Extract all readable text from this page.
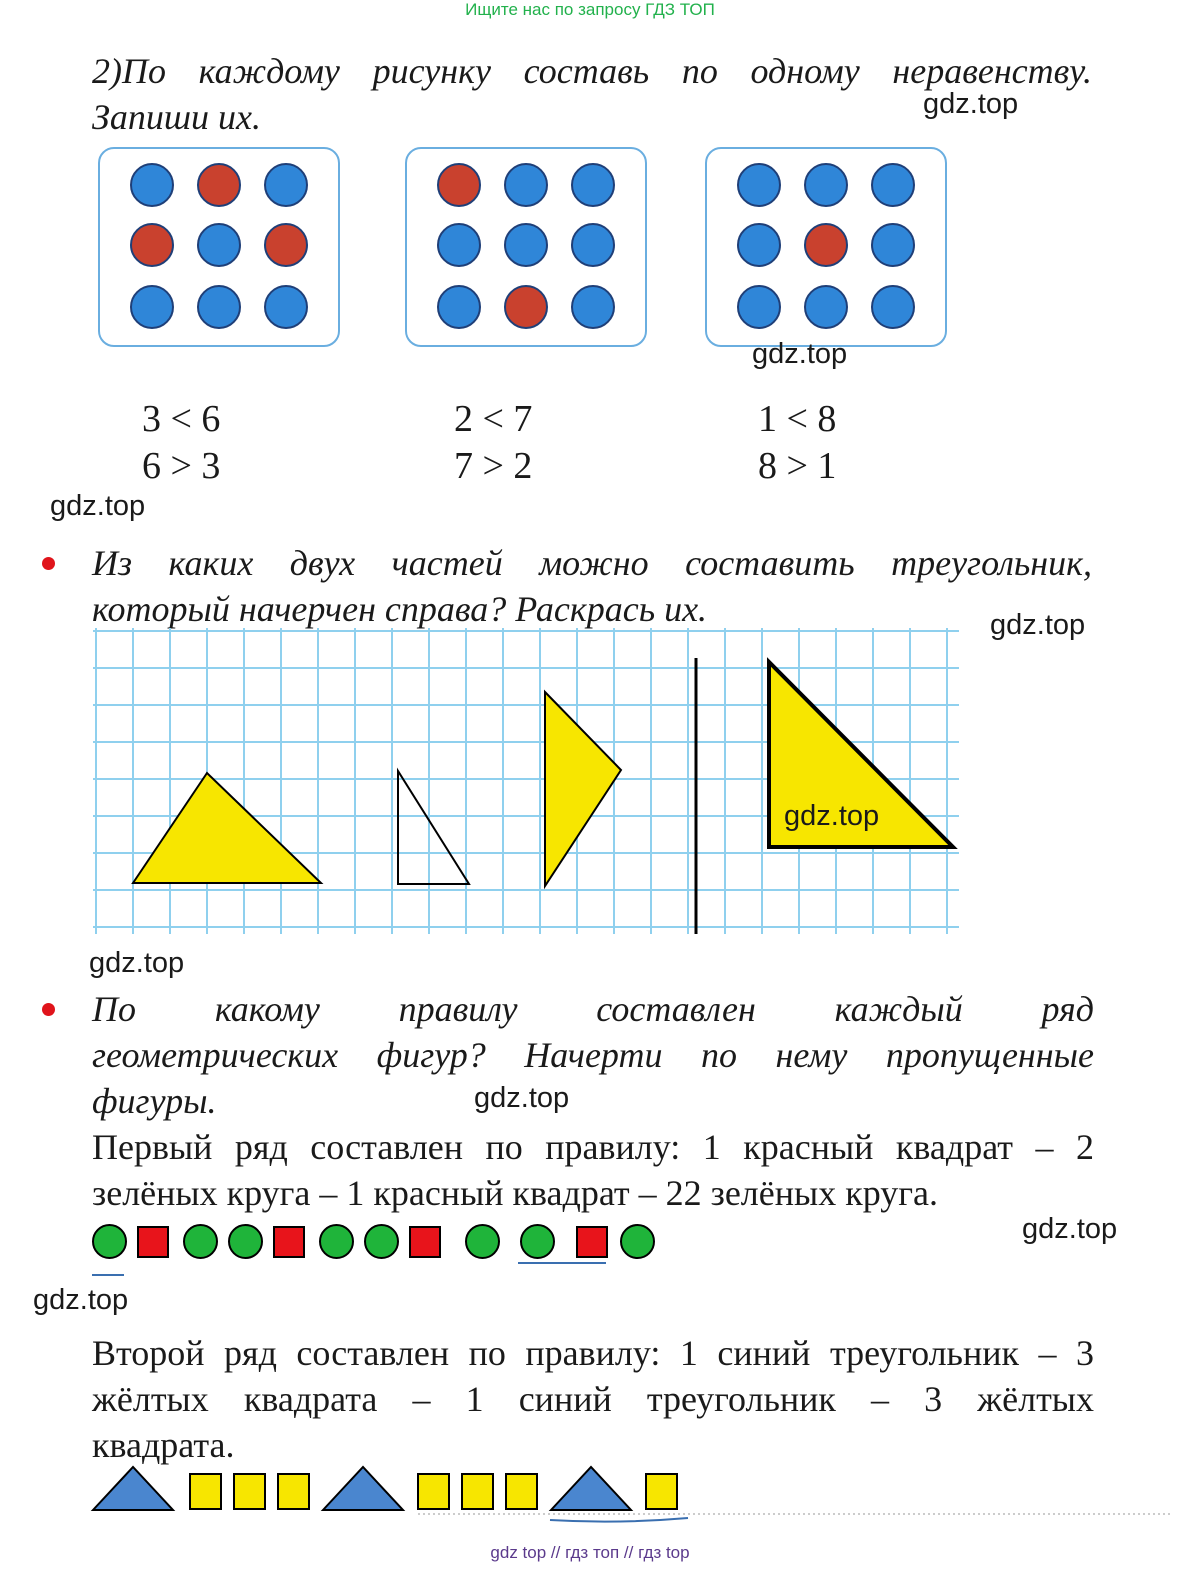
Ищите нас по запросу ГДЗ ТОП
2)По каждому рисунку составь по одному неравенству.
Запиши их.	gdz.top
gdz.top
3 < 6
6 > 3
2 < 7
7 > 2
1 < 8
8 > 1
gdz.top
Из каких двух частей можно составить треугольник,
который начерчен справа? Раскрась их.	gdz.top
gdz.top
gdz.top
По какому правилу составлен каждый ряд
геометрических фигур? Начерти по нему пропущенные
фигуры.	gdz.top
Первый ряд составлен по правилу: 1 красный квадрат – 2
зелёных круга – 1 красный квадрат – 22 зелёных круга.
gdz.top
gdz.top
Второй ряд составлен по правилу: 1 синий треугольник – 3
жёлтых квадрата – 1 синий треугольник – 3 жёлтых
квадрата.
gdz top // гдз топ // гдз top
